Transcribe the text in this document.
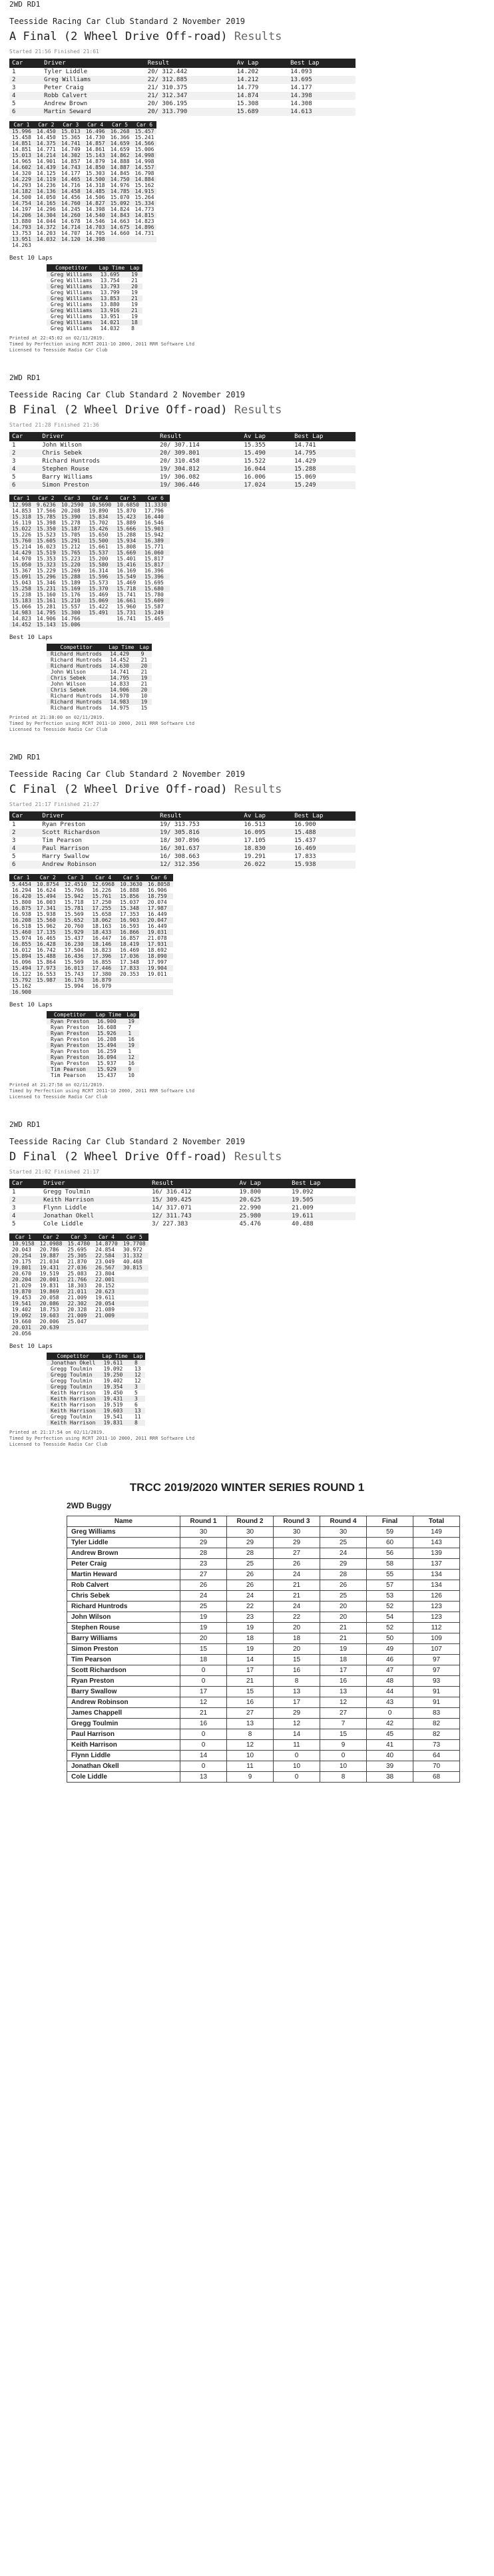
2WD RD1
Teesside Racing Car Club Standard 2 November 2019
A Final (2 Wheel Drive Off-road) Results
Started 21:56 Finished 21:61
Car	Driver	Result	Av Lap	Best Lap
1	Tyler Liddle	20/ 312.442	14.202	14.093
2	Greg Williams	22/ 312.885	14.212	13.695
3	Peter Craig	21/ 310.375	14.779	14.177
4	Robb Calvert	21/ 312.347	14.874	14.398
5	Andrew Brown	20/ 306.195	15.308	14.308
6	Martin Seward	20/ 313.790	15.689	14.613
Car 1	Car 2	Car 3	Car 4	Car 5	Car 6
15.996	14.450	15.013	16.496	16.268	15.457
15.458	14.450	15.365	14.730	16.366	15.241
14.851	14.375	14.741	14.857	14.659	14.566
14.851	14.771	14.749	14.861	14.659	15.006
15.013	14.214	14.302	15.143	14.862	14.998
14.965	14.901	14.857	14.879	14.888	14.998
14.602	14.439	14.743	14.850	14.887	14.557
14.320	14.125	14.177	15.303	14.845	16.798
14.229	14.119	14.465	14.500	14.750	14.884
14.293	14.236	14.716	14.318	14.976	15.162
14.182	14.136	14.458	14.485	14.785	14.915
14.500	14.050	14.456	14.506	15.070	15.264
14.754	14.165	14.760	14.827	15.092	15.334
14.197	14.296	14.245	14.398	14.824	14.773
14.206	14.304	14.260	14.540	14.843	14.815
13.880	14.044	14.678	14.546	14.663	14.823
14.793	14.372	14.714	14.703	14.675	14.896
13.753	14.203	14.707	14.705	14.660	14.731
13.951	14.032	14.120	14.398		
14.263					
Best 10 Laps
Competitor	Lap Time	Lap
Greg Williams	13.695	19
Greg Williams	13.754	21
Greg Williams	13.793	20
Greg Williams	13.799	19
Greg Williams	13.853	21
Greg Williams	13.880	19
Greg Williams	13.916	21
Greg Williams	13.951	19
Greg Williams	14.021	18
Greg Williams	14.032	8
Printed at 22:45:02 on 02/11/2019.
Timed by Perfection using RCRT 2011-10 2000, 2011 RRR Software Ltd
Licensed to Teesside Radio Car Club
2WD RD1
Teesside Racing Car Club Standard 2 November 2019
B Final (2 Wheel Drive Off-road) Results
Started 21:28 Finished 21:36
Car	Driver	Result	Av Lap	Best Lap
1	John Wilson	20/ 307.114	15.355	14.741
2	Chris Sebek	20/ 309.801	15.490	14.795
3	Richard Huntrods	20/ 310.458	15.522	14.429
4	Stephen Rouse	19/ 304.812	16.044	15.288
5	Barry Williams	19/ 306.082	16.006	15.069
6	Simon Preston	19/ 306.446	17.024	15.249
Car 1	Car 2	Car 3	Car 4	Car 5	Car 6
12.998	9.6236	10.2590	10.5690	10.6850	11.3330
14.853	17.566	20.208	19.890	15.870	17.796
15.318	15.785	15.390	15.834	15.423	16.440
16.119	15.398	15.278	15.702	15.889	16.546
15.022	15.350	15.187	15.426	15.666	15.903
15.226	15.523	15.705	15.650	15.288	15.942
15.760	15.605	15.291	15.500	15.934	16.389
15.214	16.023	15.212	15.661	15.808	15.771
14.429	15.519	15.765	15.537	15.669	16.060
14.970	15.353	15.223	15.200	15.401	15.817
15.050	15.323	15.220	15.580	15.416	15.817
15.367	15.229	15.269	16.314	16.169	16.396
15.091	15.296	15.288	15.596	15.549	15.396
15.043	15.346	15.189	15.573	15.469	15.695
15.258	15.231	15.169	15.370	15.718	15.680
15.238	15.160	15.176	15.469	15.741	15.780
15.183	15.161	15.210	15.069	16.661	15.609
15.066	15.281	15.557	15.422	15.960	15.587
14.983	14.795	15.300	15.491	15.731	15.249
14.823	14.906	14.766		16.741	15.465
14.452	15.143	15.006			
Best 10 Laps
Competitor	Lap Time	Lap
Richard Huntrods	14.429	9
Richard Huntrods	14.452	21
Richard Huntrods	14.630	20
John Wilson	14.741	21
Chris Sebek	14.795	19
John Wilson	14.833	21
Chris Sebek	14.906	20
Richard Huntrods	14.970	10
Richard Huntrods	14.983	19
Richard Huntrods	14.975	15
Printed at 21:38:00 on 02/11/2019.
Timed by Perfection using RCRT 2011-10 2000, 2011 RRR Software Ltd
Licensed to Teesside Radio Car Club
2WD RD1
Teesside Racing Car Club Standard 2 November 2019
C Final (2 Wheel Drive Off-road) Results
Started 21:17 Finished 21:27
Car	Driver	Result	Av Lap	Best Lap
1	Ryan Preston	19/ 313.753	16.513	16.900
2	Scott Richardson	19/ 305.816	16.095	15.488
3	Tim Pearson	18/ 307.896	17.105	15.437
4	Paul Harrison	16/ 301.637	18.830	16.469
5	Harry Swallow	16/ 308.663	19.291	17.833
6	Andrew Robinson	12/ 312.356	26.022	15.938
Car 1	Car 2	Car 3	Car 4	Car 5	Car 6
5.4454	10.8754	12.4510	12.6968	10.3630	16.8058
16.294	16.624	15.766	16.226	16.888	16.906
16.420	15.494	15.942	15.761	15.856	18.759
15.800	16.003	15.718	17.250	15.037	20.074
16.875	17.341	15.781	17.255	15.348	17.987
16.938	15.938	15.569	15.658	17.353	16.449
16.208	15.560	15.652	18.062	16.903	20.047
16.518	15.962	20.760	18.163	16.593	16.449
15.460	17.135	15.929	18.433	16.866	19.031
15.974	16.465	15.437	16.447	16.857	21.078
16.855	16.428	16.230	18.146	18.419	17.931
16.012	16.742	17.504	16.823	16.469	18.692
15.894	15.488	16.436	17.396	17.036	18.090
16.096	15.864	15.569	16.855	17.348	17.997
15.494	17.973	16.013	17.446	17.833	19.904
16.122	16.553	15.743	17.380	20.353	19.011
15.792	15.987	16.176	16.879		
15.162		15.994	16.979		
16.900					
Best 10 Laps
Competitor	Lap Time	Lap
Ryan Preston	16.900	19
Ryan Preston	16.608	7
Ryan Preston	15.926	1
Ryan Preston	16.208	16
Ryan Preston	15.494	19
Ryan Preston	16.259	1
Ryan Preston	16.094	12
Ryan Preston	15.937	16
Tim Pearson	15.929	9
Tim Pearson	15.437	10
Printed at 21:27:58 on 02/11/2019.
Timed by Perfection using RCRT 2011-10 2000, 2011 RRR Software Ltd
Licensed to Teesside Radio Car Club
2WD RD1
Teesside Racing Car Club Standard 2 November 2019
D Final (2 Wheel Drive Off-road) Results
Started 21:02 Finished 21:17
Car	Driver	Result	Av Lap	Best Lap
1	Gregg Toulmin	16/ 316.412	19.800	19.092
2	Keith Harrison	15/ 309.425	20.625	19.505
3	Flynn Liddle	14/ 317.071	22.990	21.009
4	Jonathan Okell	12/ 311.743	25.980	19.611
5	Cole Liddle	3/ 227.383	45.476	40.488
Car 1	Car 2	Car 3	Car 4	Car 5
10.9158	12.0988	15.4780	14.8770	19.7708
20.043	20.786	25.695	24.854	30.972
20.254	19.887	25.305	22.584	31.332
20.175	21.034	21.870	23.049	40.468
19.801	19.431	27.036	26.567	30.815
20.670	19.519	25.083	23.804	
20.204	20.001	21.766	22.001	
21.029	19.831	18.303	20.152	
19.870	19.869	21.011	20.623	
19.453	20.058	21.009	19.611	
19.541	20.086	22.302	20.054	
19.402	18.753	20.328	21.089	
19.092	19.603	21.009	21.009	
19.660	20.006	25.047		
20.031	20.639			
20.056				
Best 10 Laps
Competitor	Lap Time	Lap
Jonathan Okell	19.611	8
Gregg Toulmin	19.092	13
Gregg Toulmin	19.250	12
Gregg Toulmin	19.402	12
Gregg Toulmin	19.354	3
Keith Harrison	19.450	5
Keith Harrison	19.431	3
Keith Harrison	19.519	6
Keith Harrison	19.603	13
Gregg Toulmin	19.541	11
Keith Harrison	19.831	8
Printed at 21:17:54 on 02/11/2019.
Timed by Perfection using RCRT 2011-10 2000, 2011 RRR Software Ltd
Licensed to Teesside Radio Car Club
TRCC 2019/2020 WINTER SERIES ROUND 1
2WD Buggy
Name	Round 1	Round 2	Round 3	Round 4	Final	Total
Greg Williams	30	30	30	30	59	149
Tyler Liddle	29	29	29	25	60	143
Andrew Brown	28	28	27	24	56	139
Peter Craig	23	25	26	29	58	137
Martin Heward	27	26	24	28	55	134
Rob Calvert	26	26	21	26	57	134
Chris Sebek	24	24	21	25	53	126
Richard Huntrods	25	22	24	20	52	123
John Wilson	19	23	22	20	54	123
Stephen Rouse	19	19	20	21	52	112
Barry Williams	20	18	18	21	50	109
Simon Preston	15	19	20	19	49	107
Tim Pearson	18	14	15	18	46	97
Scott Richardson	0	17	16	17	47	97
Ryan Preston	0	21	8	16	48	93
Barry Swallow	17	15	13	13	44	91
Andrew Robinson	12	16	17	12	43	91
James Chappell	21	27	29	27	0	83
Gregg Toulmin	16	13	12	7	42	82
Paul Harrison	0	8	14	15	45	82
Keith Harrison	0	12	11	9	41	73
Flynn Liddle	14	10	0	0	40	64
Jonathan Okell	0	11	10	10	39	70
Cole Liddle	13	9	0	8	38	68
